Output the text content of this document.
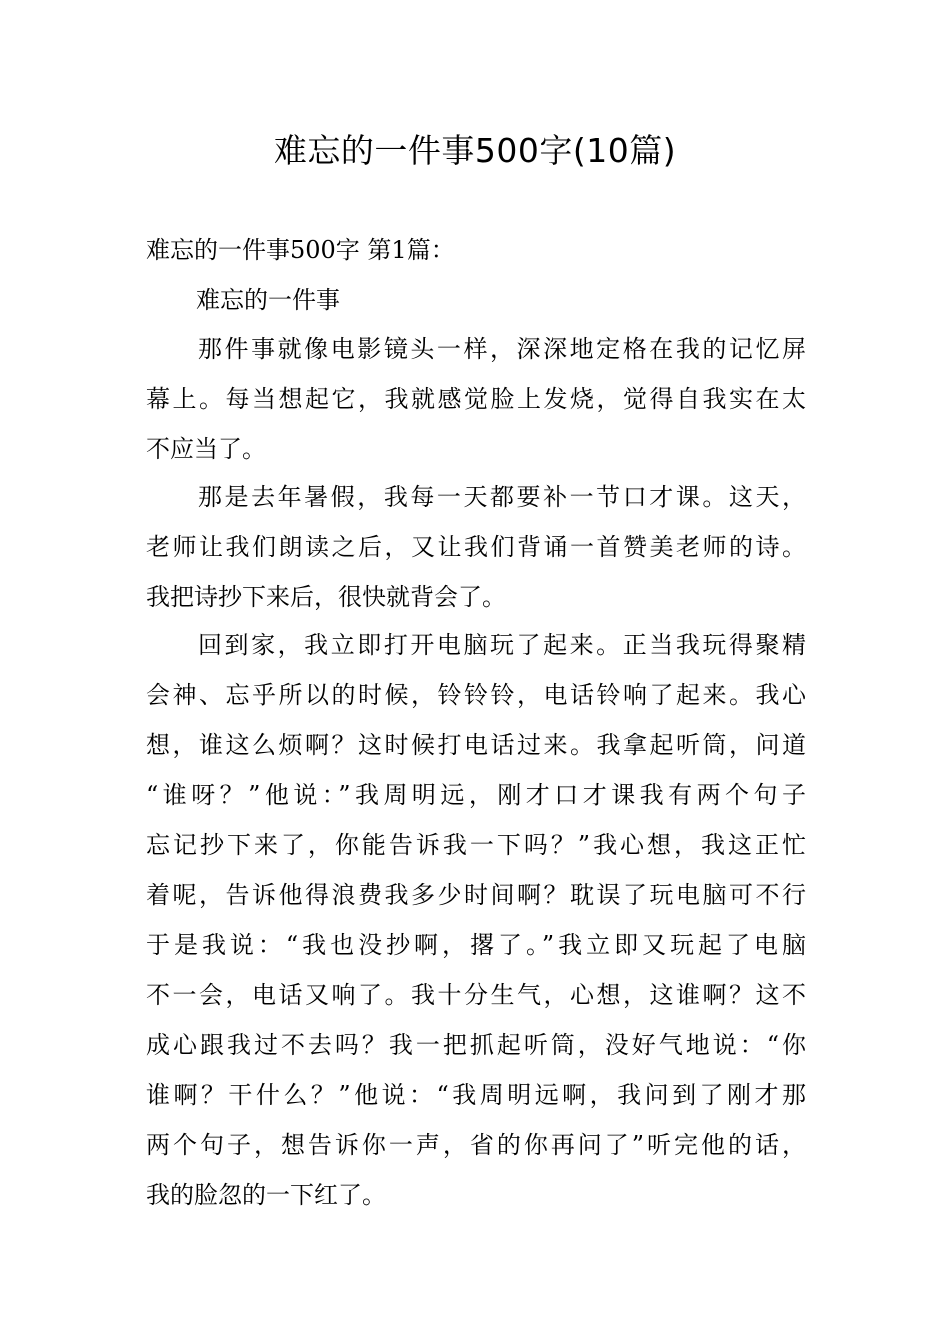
难忘的一件事500字(10篇)

难忘的一件事500字 第1篇：

难忘的一件事

那件事就像电影镜头一样，深深地定格在我的记忆屏
幕上。每当想起它，我就感觉脸上发烧，觉得自我实在太
不应当了。
那是去年暑假，我每一天都要补一节口才课。这天，
老师让我们朗读之后，又让我们背诵一首赞美老师的诗。
我把诗抄下来后，很快就背会了。
回到家，我立即打开电脑玩了起来。正当我玩得聚精
会神、忘乎所以的时候，铃铃铃，电话铃响了起来。我心
想，谁这么烦啊？这时候打电话过来。我拿起听筒，问道
“谁呀？”他说：”我周明远，刚才口才课我有两个句子
忘记抄下来了，你能告诉我一下吗？”我心想，我这正忙
着呢，告诉他得浪费我多少时间啊？耽误了玩电脑可不行
于是我说：“我也没抄啊，撂了。”我立即又玩起了电脑
不一会，电话又响了。我十分生气，心想，这谁啊？这不
成心跟我过不去吗？我一把抓起听筒，没好气地说：“你
谁啊？干什么？”他说：“我周明远啊，我问到了刚才那
两个句子，想告诉你一声，省的你再问了”听完他的话，
我的脸忽的一下红了。
